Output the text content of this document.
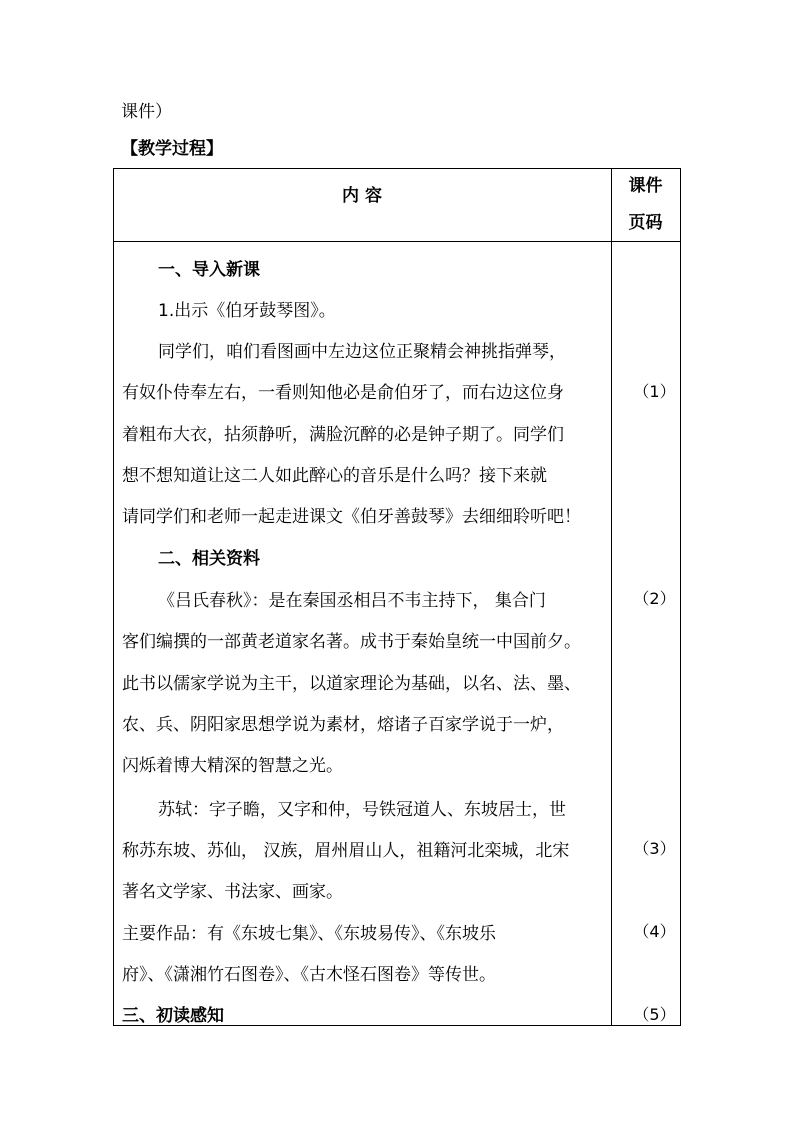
课件）
【教学过程】
内 容	课件
页码
一、导入新课
1.出示《伯牙鼓琴图》。
同学们，咱们看图画中左边这位正聚精会神挑指弹琴，
有奴仆侍奉左右，一看则知他必是俞伯牙了，而右边这位身
着粗布大衣，拈须静听，满脸沉醉的必是钟子期了。同学们
想不想知道让这二人如此醉心的音乐是什么吗？接下来就
请同学们和老师一起走进课文《伯牙善鼓琴》去细细聆听吧！
二、相关资料
《吕氏春秋》：是在秦国丞相吕不韦主持下， 集合门
客们编撰的一部黄老道家名著。成书于秦始皇统一中国前夕。
此书以儒家学说为主干，以道家理论为基础，以名、法、墨、
农、兵、阴阳家思想学说为素材，熔诸子百家学说于一炉，
闪烁着博大精深的智慧之光。
苏轼：字子瞻，又字和仲，号铁冠道人、东坡居士，世
称苏东坡、苏仙， 汉族，眉州眉山人，祖籍河北栾城，北宋
著名文学家、书法家、画家。
主要作品：有《东坡七集》、《东坡易传》、《东坡乐
府》、《潇湘竹石图卷》、《古木怪石图卷》等传世。
三、初读感知
（1）
（2）
（3）
（4）
（5）
